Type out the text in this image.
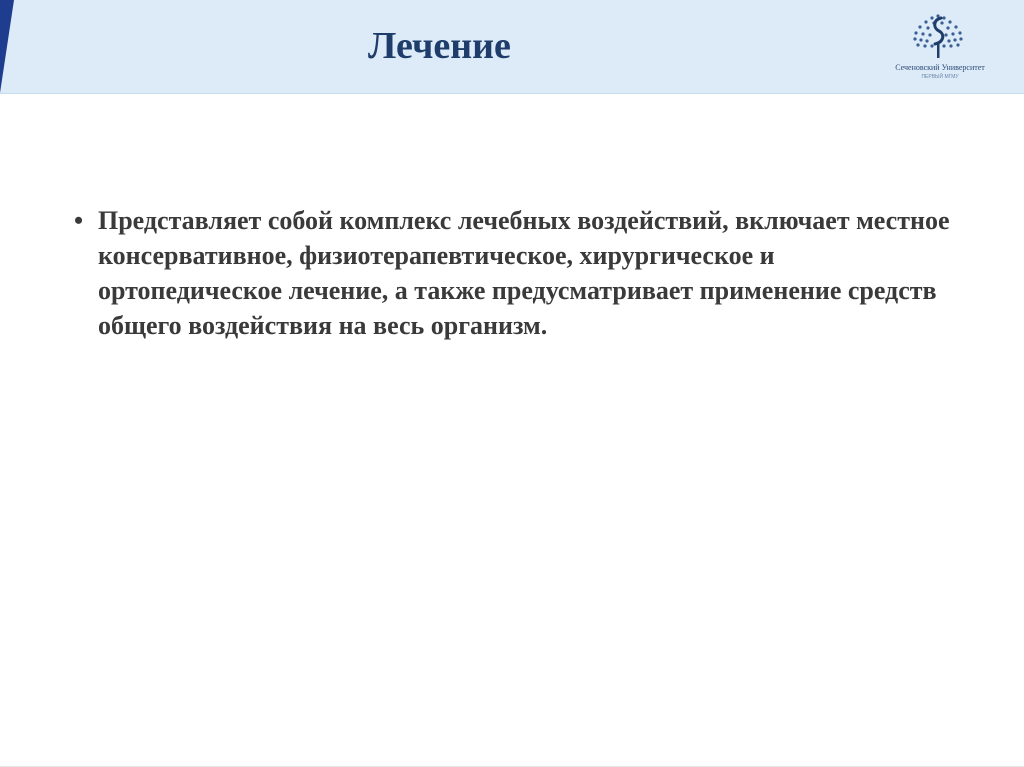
Лечение
Сеченовский Университет
ПЕРВЫЙ МГМУ
• Представляет собой комплекс лечебных воздействий, включает местное консервативное, физиотерапевтическое, хирургическое и ортопедическое лечение, а также предусматривает применение средств общего воздействия на весь организм.
